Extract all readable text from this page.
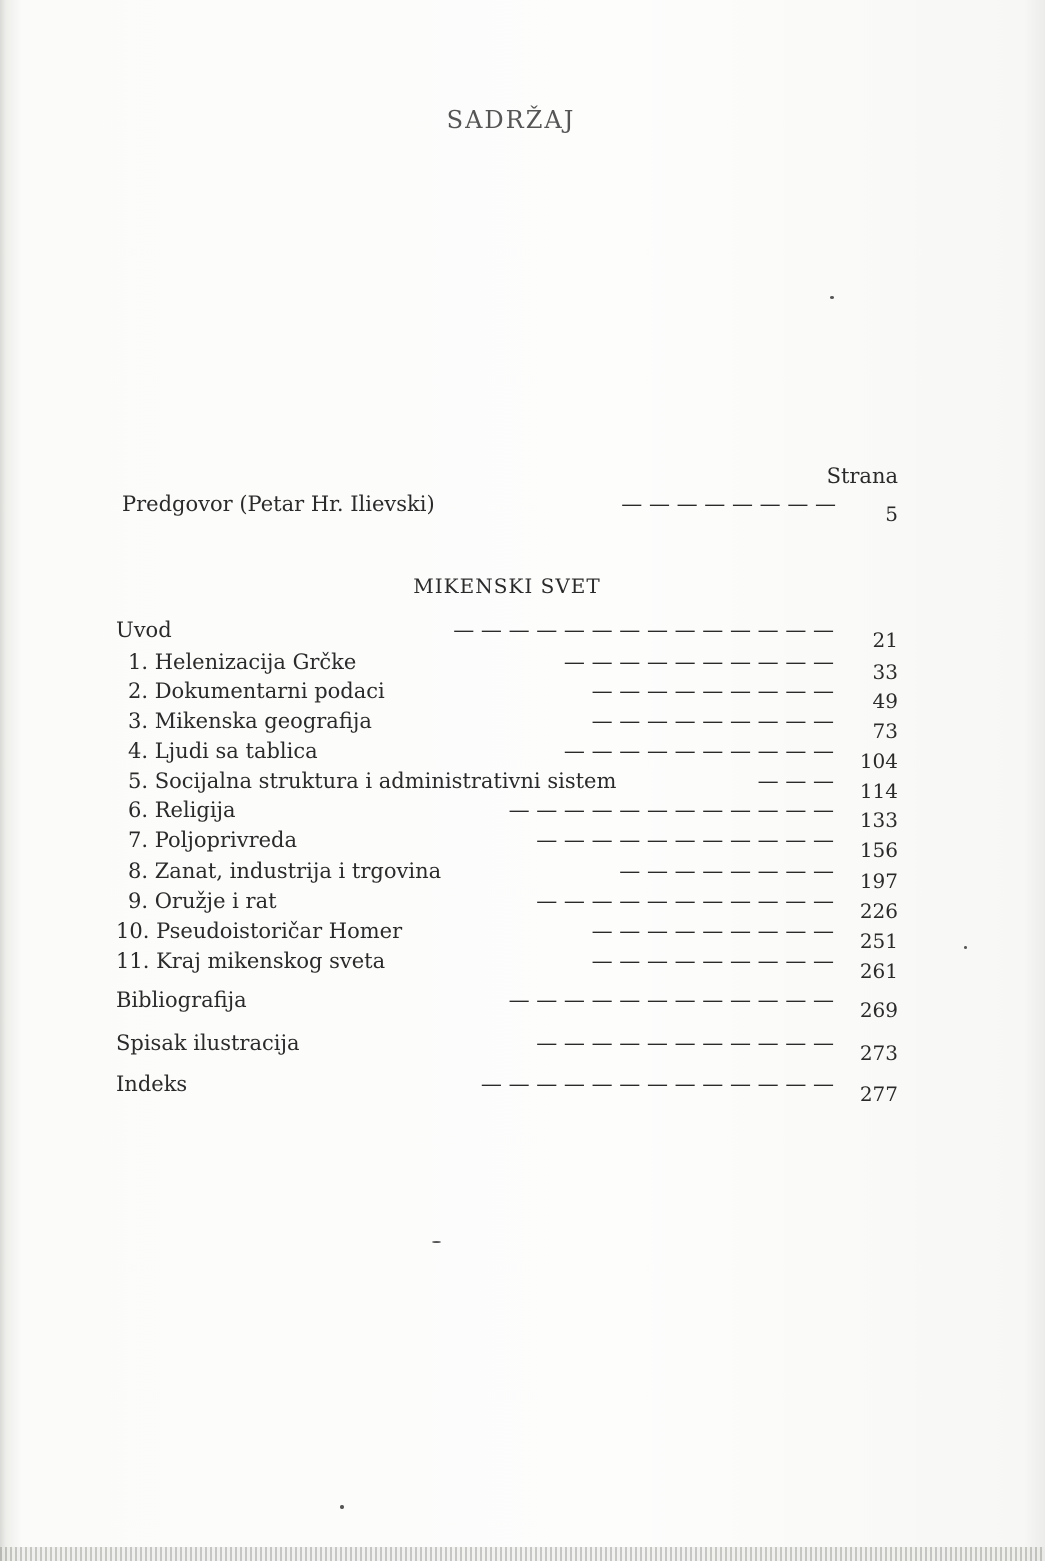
SADRŽAJ
Strana
Predgovor (Petar Hr. Ilievski)	— — — — — — — —	5
MIKENSKI SVET
Uvod	— — — — — — — — — — — — — —	21
1. Helenizacija Grčke	— — — — — — — — — —	33
2. Dokumentarni podaci	— — — — — — — — —	49
3. Mikenska geografija	— — — — — — — — —	73
4. Ljudi sa tablica	— — — — — — — — — —	104
5. Socijalna struktura i administrativni sistem	— — —	114
6. Religija	— — — — — — — — — — — —	133
7. Poljoprivreda	— — — — — — — — — — —	156
8. Zanat, industrija i trgovina	— — — — — — — —	197
9. Oružje i rat	— — — — — — — — — — —	226
10. Pseudoistoričar Homer	— — — — — — — — —	251
11. Kraj mikenskog sveta	— — — — — — — — —	261
Bibliografija	— — — — — — — — — — — —	269
Spisak ilustracija	— — — — — — — — — — —	273
Indeks	— — — — — — — — — — — — —	277
